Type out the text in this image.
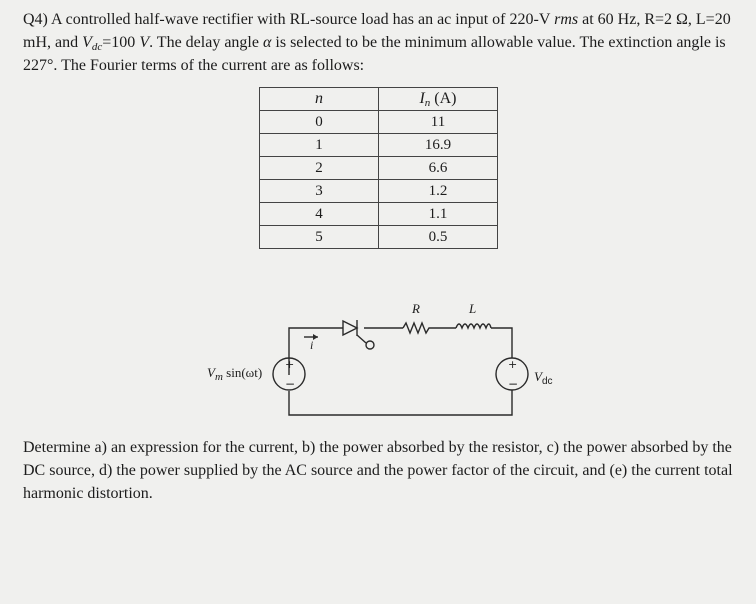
Q4) A controlled half-wave rectifier with RL-source load has an ac input of 220-V rms at 60 Hz, R=2 Ω, L=20 mH, and $V_{dc}=100$ V. The delay angle α is selected to be the minimum allowable value. The extinction angle is 227°. The Fourier terms of the current are as follows:

n	$I_n$ (A)
0	11
1	16.9
2	6.6
3	1.2
4	1.1
5	0.5
+
−
+
−
R	L
i
$V_m$ sin(ωt)	$V_{dc}$

Determine a) an expression for the current, b) the power absorbed by the resistor, c) the power absorbed by the DC source, d) the power supplied by the AC source and the power factor of the circuit, and (e) the current total harmonic distortion.
